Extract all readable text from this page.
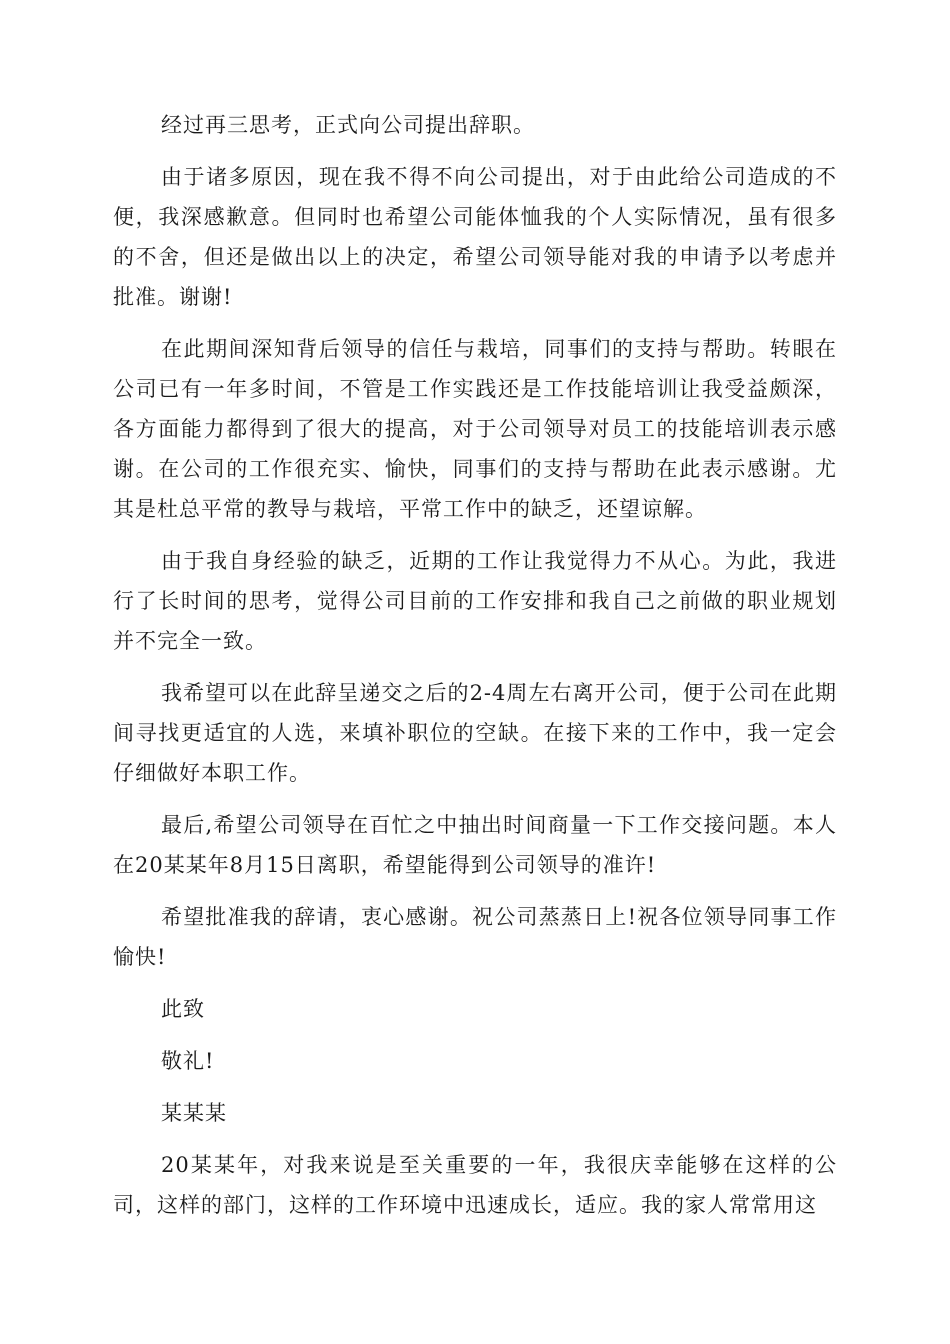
经过再三思考，正式向公司提出辞职。

由于诸多原因，现在我不得不向公司提出，对于由此给公司造成的不便，我深感歉意。但同时也希望公司能体恤我的个人实际情况，虽有很多的不舍，但还是做出以上的决定，希望公司领导能对我的申请予以考虑并批准。谢谢!

在此期间深知背后领导的信任与栽培，同事们的支持与帮助。转眼在公司已有一年多时间，不管是工作实践还是工作技能培训让我受益颇深，各方面能力都得到了很大的提高，对于公司领导对员工的技能培训表示感谢。在公司的工作很充实、愉快，同事们的支持与帮助在此表示感谢。尤其是杜总平常的教导与栽培，平常工作中的缺乏，还望谅解。

由于我自身经验的缺乏，近期的工作让我觉得力不从心。为此，我进行了长时间的思考，觉得公司目前的工作安排和我自己之前做的职业规划并不完全一致。

我希望可以在此辞呈递交之后的2-4周左右离开公司，便于公司在此期间寻找更适宜的人选，来填补职位的空缺。在接下来的工作中，我一定会仔细做好本职工作。

最后,希望公司领导在百忙之中抽出时间商量一下工作交接问题。本人在20某某年8月15日离职，希望能得到公司领导的准许!

希望批准我的辞请，衷心感谢。祝公司蒸蒸日上!祝各位领导同事工作愉快!

此致

敬礼!

某某某

20某某年，对我来说是至关重要的一年，我很庆幸能够在这样的公司，这样的部门，这样的工作环境中迅速成长，适应。我的家人常常用这
